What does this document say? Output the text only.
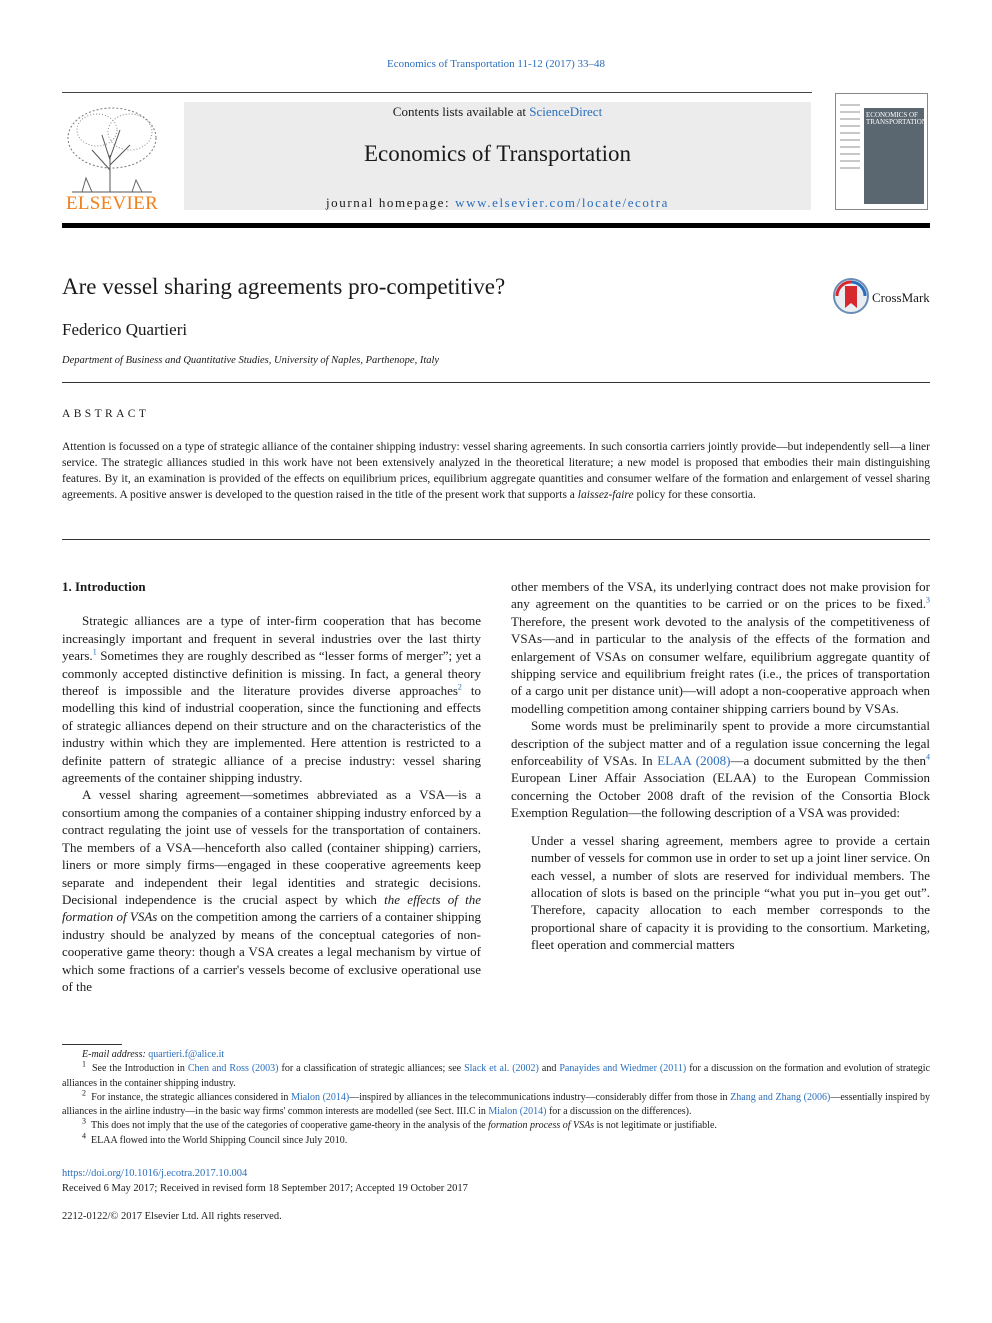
Economics of Transportation 11-12 (2017) 33–48
ELSEVIER
Contents lists available at ScienceDirect
Economics of Transportation
journal homepage: www.elsevier.com/locate/ecotra
ECONOMICS OF TRANSPORTATION
Are vessel sharing agreements pro-competitive?	CrossMark
Federico Quartieri
Department of Business and Quantitative Studies, University of Naples, Parthenope, Italy
ABSTRACT
Attention is focussed on a type of strategic alliance of the container shipping industry: vessel sharing agreements. In such consortia carriers jointly provide—but independently sell—a liner service. The strategic alliances studied in this work have not been extensively analyzed in the theoretical literature; a new model is proposed that embodies their main distinguishing features. By it, an examination is provided of the effects on equilibrium prices, equilibrium aggregate quantities and consumer welfare of the formation and enlargement of vessel sharing agreements. A positive answer is developed to the question raised in the title of the present work that supports a laissez-faire policy for these consortia.

1. Introduction

Strategic alliances are a type of inter-firm cooperation that has become increasingly important and frequent in several industries over the last thirty years.$^1$ Sometimes they are roughly described as “lesser forms of merger”; yet a commonly accepted distinctive definition is missing. In fact, a general theory thereof is impossible and the literature provides diverse approaches$^2$ to modelling this kind of industrial cooperation, since the functioning and effects of strategic alliances depend on their structure and on the characteristics of the industry within which they are implemented. Here attention is restricted to a definite pattern of strategic alliance of a precise industry: vessel sharing agreements of the container shipping industry.

A vessel sharing agreement—sometimes abbreviated as a VSA—is a consortium among the companies of a container shipping industry enforced by a contract regulating the joint use of vessels for the transportation of containers. The members of a VSA—henceforth also called (container shipping) carriers, liners or more simply firms—engaged in these cooperative agreements keep separate and independent their legal identities and strategic decisions. Decisional independence is the crucial aspect by which the effects of the formation of VSAs on the competition among the carriers of a container shipping industry should be analyzed by means of the conceptual categories of non-cooperative game theory: though a VSA creates a legal mechanism by virtue of which some fractions of a carrier's vessels become of exclusive operational use of the

other members of the VSA, its underlying contract does not make provision for any agreement on the quantities to be carried or on the prices to be fixed.$^3$ Therefore, the present work devoted to the analysis of the competitiveness of VSAs—and in particular to the analysis of the effects of the formation and enlargement of VSAs on consumer welfare, equilibrium aggregate quantity of shipping service and equilibrium freight rates (i.e., the prices of transportation of a cargo unit per distance unit)—will adopt a non-cooperative approach when modelling competition among container shipping carriers bound by VSAs.

Some words must be preliminarily spent to provide a more circumstantial description of the subject matter and of a regulation issue concerning the legal enforceability of VSAs. In ELAA (2008)—a document submitted by the then$^4$ European Liner Affair Association (ELAA) to the European Commission concerning the October 2008 draft of the revision of the Consortia Block Exemption Regulation—the following description of a VSA was provided:

Under a vessel sharing agreement, members agree to provide a certain number of vessels for common use in order to set up a joint liner service. On each vessel, a number of slots are reserved for individual members. The allocation of slots is based on the principle “what you put in–you get out”. Therefore, capacity allocation to each member corresponds to the proportional share of capacity it is providing to the consortium. Marketing, fleet operation and commercial matters

E-mail address: quartieri.f@alice.it

$^1$ See the Introduction in Chen and Ross (2003) for a classification of strategic alliances; see Slack et al. (2002) and Panayides and Wiedmer (2011) for a discussion on the formation and evolution of strategic alliances in the container shipping industry.

$^2$ For instance, the strategic alliances considered in Mialon (2014)—inspired by alliances in the telecommunications industry—considerably differ from those in Zhang and Zhang (2006)—essentially inspired by alliances in the airline industry—in the basic way firms' common interests are modelled (see Sect. III.C in Mialon (2014) for a discussion on the differences).

$^3$ This does not imply that the use of the categories of cooperative game-theory in the analysis of the formation process of VSAs is not legitimate or justifiable.

$^4$ ELAA flowed into the World Shipping Council since July 2010.

https://doi.org/10.1016/j.ecotra.2017.10.004
Received 6 May 2017; Received in revised form 18 September 2017; Accepted 19 October 2017
2212-0122/© 2017 Elsevier Ltd. All rights reserved.
